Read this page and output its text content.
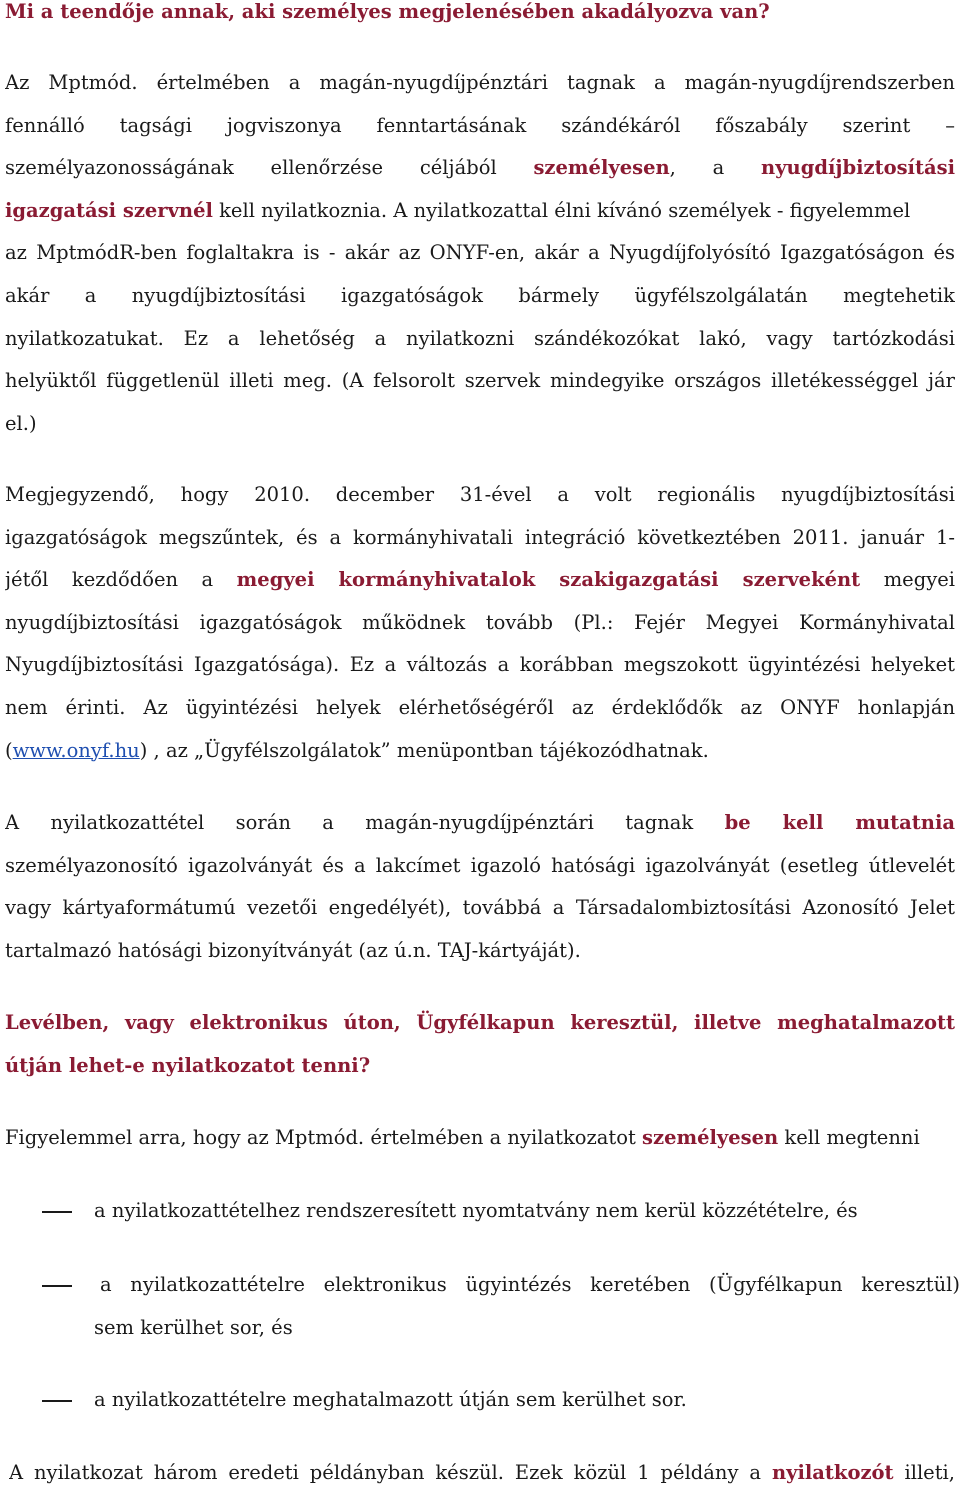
Mi a teendője annak, aki személyes megjelenésében akadályozva van?
Az Mptmód. értelmében a magán-nyugdíjpénztári tagnak a magán-nyugdíjrendszerben
fennálló tagsági jogviszonya fenntartásának szándékáról főszabály szerint –
személyazonosságának ellenőrzése céljából személyesen, a nyugdíjbiztosítási
igazgatási szervnél kell nyilatkoznia. A nyilatkozattal élni kívánó személyek - figyelemmel
az MptmódR-ben foglaltakra is - akár az ONYF-en, akár a Nyugdíjfolyósító Igazgatóságon és
akár a nyugdíjbiztosítási igazgatóságok bármely ügyfélszolgálatán megtehetik
nyilatkozatukat. Ez a lehetőség a nyilatkozni szándékozókat lakó, vagy tartózkodási
helyüktől függetlenül illeti meg. (A felsorolt szervek mindegyike országos illetékességgel jár
el.)
Megjegyzendő, hogy 2010. december 31-ével a volt regionális nyugdíjbiztosítási
igazgatóságok megszűntek, és a kormányhivatali integráció következtében 2011. január 1-
jétől kezdődően a megyei kormányhivatalok szakigazgatási szerveként megyei
nyugdíjbiztosítási igazgatóságok működnek tovább (Pl.: Fejér Megyei Kormányhivatal
Nyugdíjbiztosítási Igazgatósága). Ez a változás a korábban megszokott ügyintézési helyeket
nem érinti. Az ügyintézési helyek elérhetőségéről az érdeklődők az ONYF honlapján
(www.onyf.hu) , az „Ügyfélszolgálatok” menüpontban tájékozódhatnak.
A nyilatkozattétel során a magán-nyugdíjpénztári tagnak be kell mutatnia
személyazonosító igazolványát és a lakcímet igazoló hatósági igazolványát (esetleg útlevelét
vagy kártyaformátumú vezetői engedélyét), továbbá a Társadalombiztosítási Azonosító Jelet
tartalmazó hatósági bizonyítványát (az ú.n. TAJ-kártyáját).
Levélben, vagy elektronikus úton, Ügyfélkapun keresztül, illetve meghatalmazott
útján lehet-e nyilatkozatot tenni?
Figyelemmel arra, hogy az Mptmód. értelmében a nyilatkozatot személyesen kell megtenni
a nyilatkozattételhez rendszeresített nyomtatvány nem kerül közzétételre, és
a nyilatkozattételre elektronikus ügyintézés keretében (Ügyfélkapun keresztül)
sem kerülhet sor, és
a nyilatkozattételre meghatalmazott útján sem kerülhet sor.
A nyilatkozat három eredeti példányban készül. Ezek közül 1 példány a nyilatkozót illeti,
